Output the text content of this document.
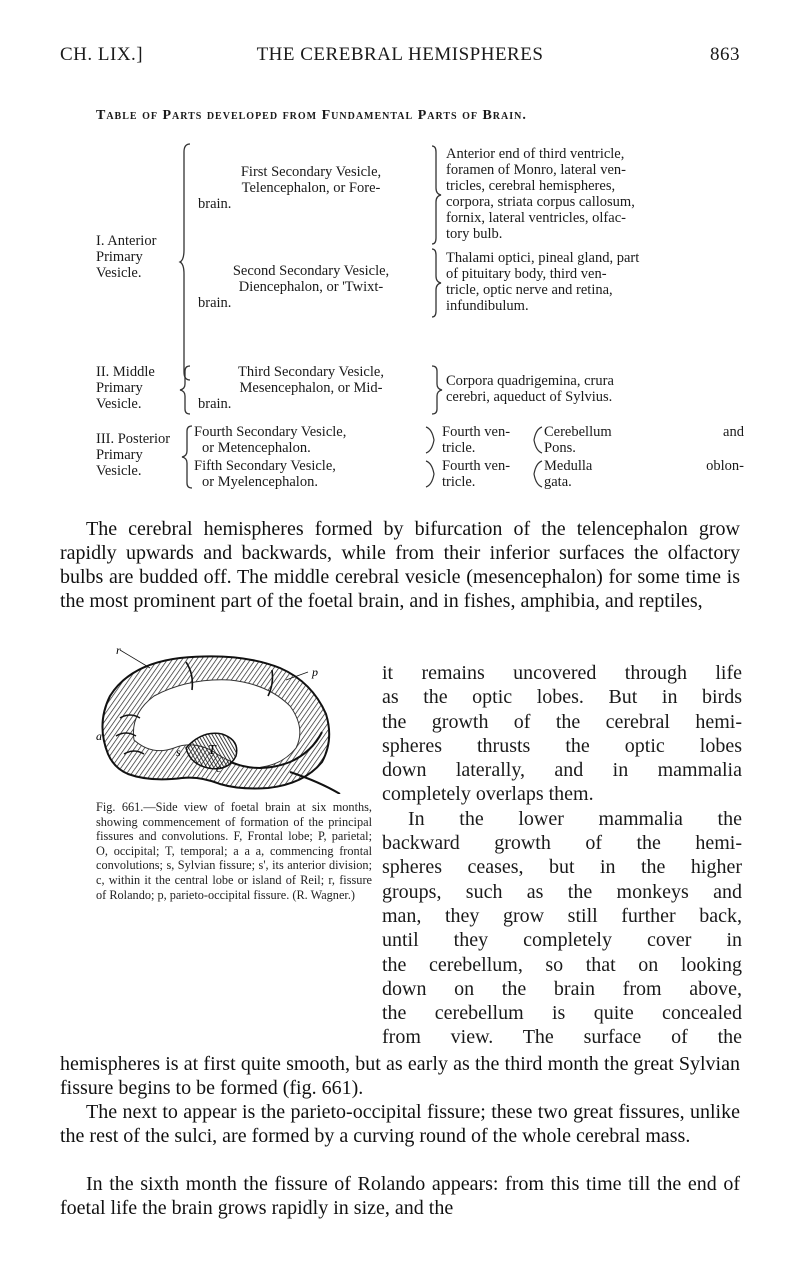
CH. LIX.]	THE CEREBRAL HEMISPHERES	863
Table of Parts developed from Fundamental Parts of Brain.
I. Anterior
Primary
Vesicle.
First Secondary Vesicle,
Telencephalon, or Fore-
brain.
Anterior end of third ventricle,
foramen of Monro, lateral ven-
tricles, cerebral hemispheres,
corpora, striata corpus callosum,
fornix, lateral ventricles, olfac-
tory bulb.
Second Secondary Vesicle,
Diencephalon, or 'Twixt-
brain.
Thalami optici, pineal gland, part
of pituitary body, third ven-
tricle, optic nerve and retina,
infundibulum.
II. Middle
Primary
Vesicle.
Third Secondary Vesicle,
Mesencephalon, or Mid-
brain.
Corpora quadrigemina, crura
cerebri, aqueduct of Sylvius.
III. Posterior
Primary
Vesicle.
Fourth Secondary Vesicle,
or Metencephalon.
Fifth Secondary Vesicle,
or Myelencephalon.
Fourth ven-
tricle.
Fourth ven-
tricle.
Cerebellum and
Pons.
Medulla oblon-
gata.
The cerebral hemispheres formed by bifurcation of the telencephalon grow rapidly upwards and backwards, while from their inferior surfaces the olfactory bulbs are budded off. The middle cerebral vesicle (mesencephalon) for some time is the most prominent part of the foetal brain, and in fishes, amphibia, and reptiles,
r
p
a
s T
c
it remains uncovered through life
as the optic lobes. But in birds
the growth of the cerebral hemi-
spheres thrusts the optic lobes
down laterally, and in mammalia
completely overlaps them.
In the lower mammalia the
backward growth of the hemi-
spheres ceases, but in the higher
groups, such as the monkeys and
man, they grow still further back,
until they completely cover in
the cerebellum, so that on looking
down on the brain from above,
the cerebellum is quite concealed
from view. The surface of the
Fig. 661.—Side view of foetal brain at six months, showing commencement of formation of the principal fissures and convolutions. F, Frontal lobe; P, parietal; O, occipital; T, temporal; a a a, commencing frontal convolutions; s, Sylvian fissure; s', its anterior division; c, within it the central lobe or island of Reil; r, fissure of Rolando; p, parieto-occipital fissure. (R. Wagner.)
hemispheres is at first quite smooth, but as early as the third month the great Sylvian fissure begins to be formed (fig. 661).
The next to appear is the parieto-occipital fissure; these two great fissures, unlike the rest of the sulci, are formed by a curving round of the whole cerebral mass.
In the sixth month the fissure of Rolando appears: from this time till the end of foetal life the brain grows rapidly in size, and the
